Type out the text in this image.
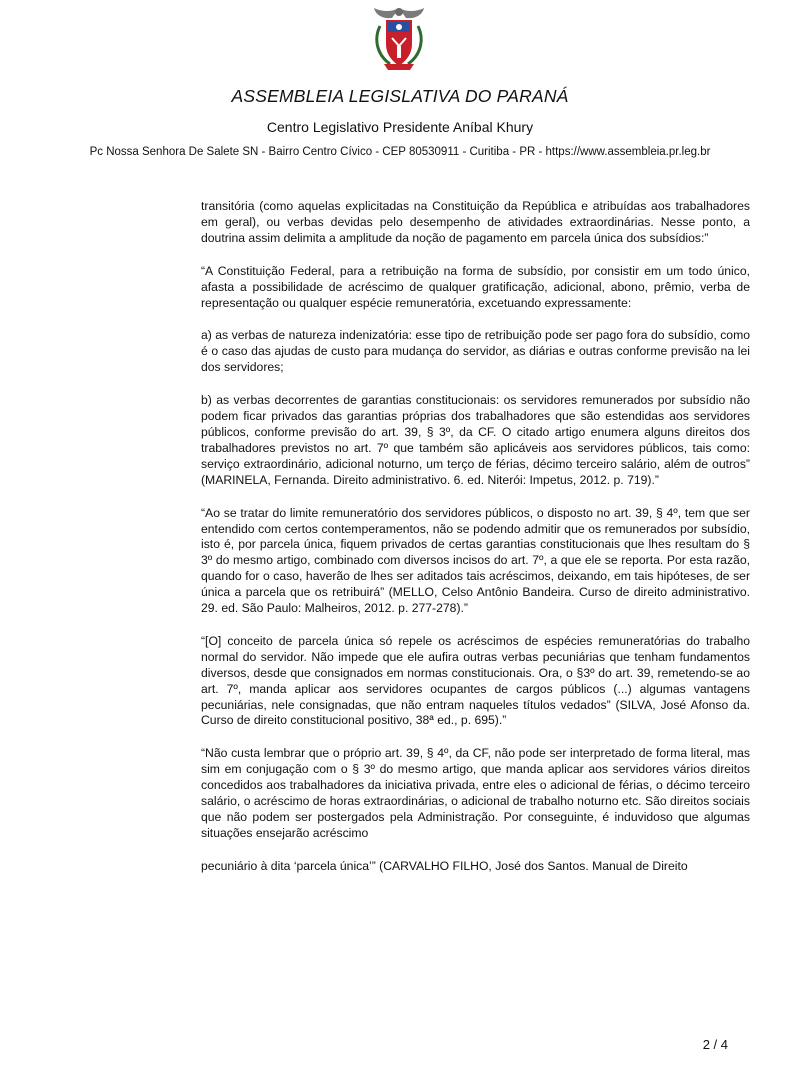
ASSEMBLEIA LEGISLATIVA DO PARANÁ
Centro Legislativo Presidente Aníbal Khury
Pc Nossa Senhora De Salete SN - Bairro Centro Cívico - CEP 80530911 - Curitiba - PR - https://www.assembleia.pr.leg.br

transitória (como aquelas explicitadas na Constituição da República e atribuídas aos trabalhadores em geral), ou verbas devidas pelo desempenho de atividades extraordinárias. Nesse ponto, a doutrina assim delimita a amplitude da noção de pagamento em parcela única dos subsídios:”

“A Constituição Federal, para a retribuição na forma de subsídio, por consistir em um todo único, afasta a possibilidade de acréscimo de qualquer gratificação, adicional, abono, prêmio, verba de representação ou qualquer espécie remuneratória, excetuando expressamente:

a) as verbas de natureza indenizatória: esse tipo de retribuição pode ser pago fora do subsídio, como é o caso das ajudas de custo para mudança do servidor, as diárias e outras conforme previsão na lei dos servidores;

b) as verbas decorrentes de garantias constitucionais: os servidores remunerados por subsídio não podem ficar privados das garantias próprias dos trabalhadores que são estendidas aos servidores públicos, conforme previsão do art. 39, § 3º, da CF. O citado artigo enumera alguns direitos dos trabalhadores previstos no art. 7º que também são aplicáveis aos servidores públicos, tais como: serviço extraordinário, adicional noturno, um terço de férias, décimo terceiro salário, além de outros” (MARINELA, Fernanda. Direito administrativo. 6. ed. Niterói: Impetus, 2012. p. 719).”

“Ao se tratar do limite remuneratório dos servidores públicos, o disposto no art. 39, § 4º, tem que ser entendido com certos contemperamentos, não se podendo admitir que os remunerados por subsídio, isto é, por parcela única, fiquem privados de certas garantias constitucionais que lhes resultam do § 3º do mesmo artigo, combinado com diversos incisos do art. 7º, a que ele se reporta. Por esta razão, quando for o caso, haverão de lhes ser aditados tais acréscimos, deixando, em tais hipóteses, de ser única a parcela que os retribuirá” (MELLO, Celso Antônio Bandeira. Curso de direito administrativo. 29. ed. São Paulo: Malheiros, 2012. p. 277-278).”

“[O] conceito de parcela única só repele os acréscimos de espécies remuneratórias do trabalho normal do servidor. Não impede que ele aufira outras verbas pecuniárias que tenham fundamentos diversos, desde que consignados em normas constitucionais. Ora, o §3º do art. 39, remetendo-se ao art. 7º, manda aplicar aos servidores ocupantes de cargos públicos (...) algumas vantagens pecuniárias, nele consignadas, que não entram naqueles títulos vedados” (SILVA, José Afonso da. Curso de direito constitucional positivo, 38ª ed., p. 695).”

“Não custa lembrar que o próprio art. 39, § 4º, da CF, não pode ser interpretado de forma literal, mas sim em conjugação com o § 3º do mesmo artigo, que manda aplicar aos servidores vários direitos concedidos aos trabalhadores da iniciativa privada, entre eles o adicional de férias, o décimo terceiro salário, o acréscimo de horas extraordinárias, o adicional de trabalho noturno etc. São direitos sociais que não podem ser postergados pela Administração. Por conseguinte, é induvidoso que algumas situações ensejarão acréscimo

pecuniário à dita ‘parcela única’” (CARVALHO FILHO, José dos Santos. Manual de Direito

2 / 4
